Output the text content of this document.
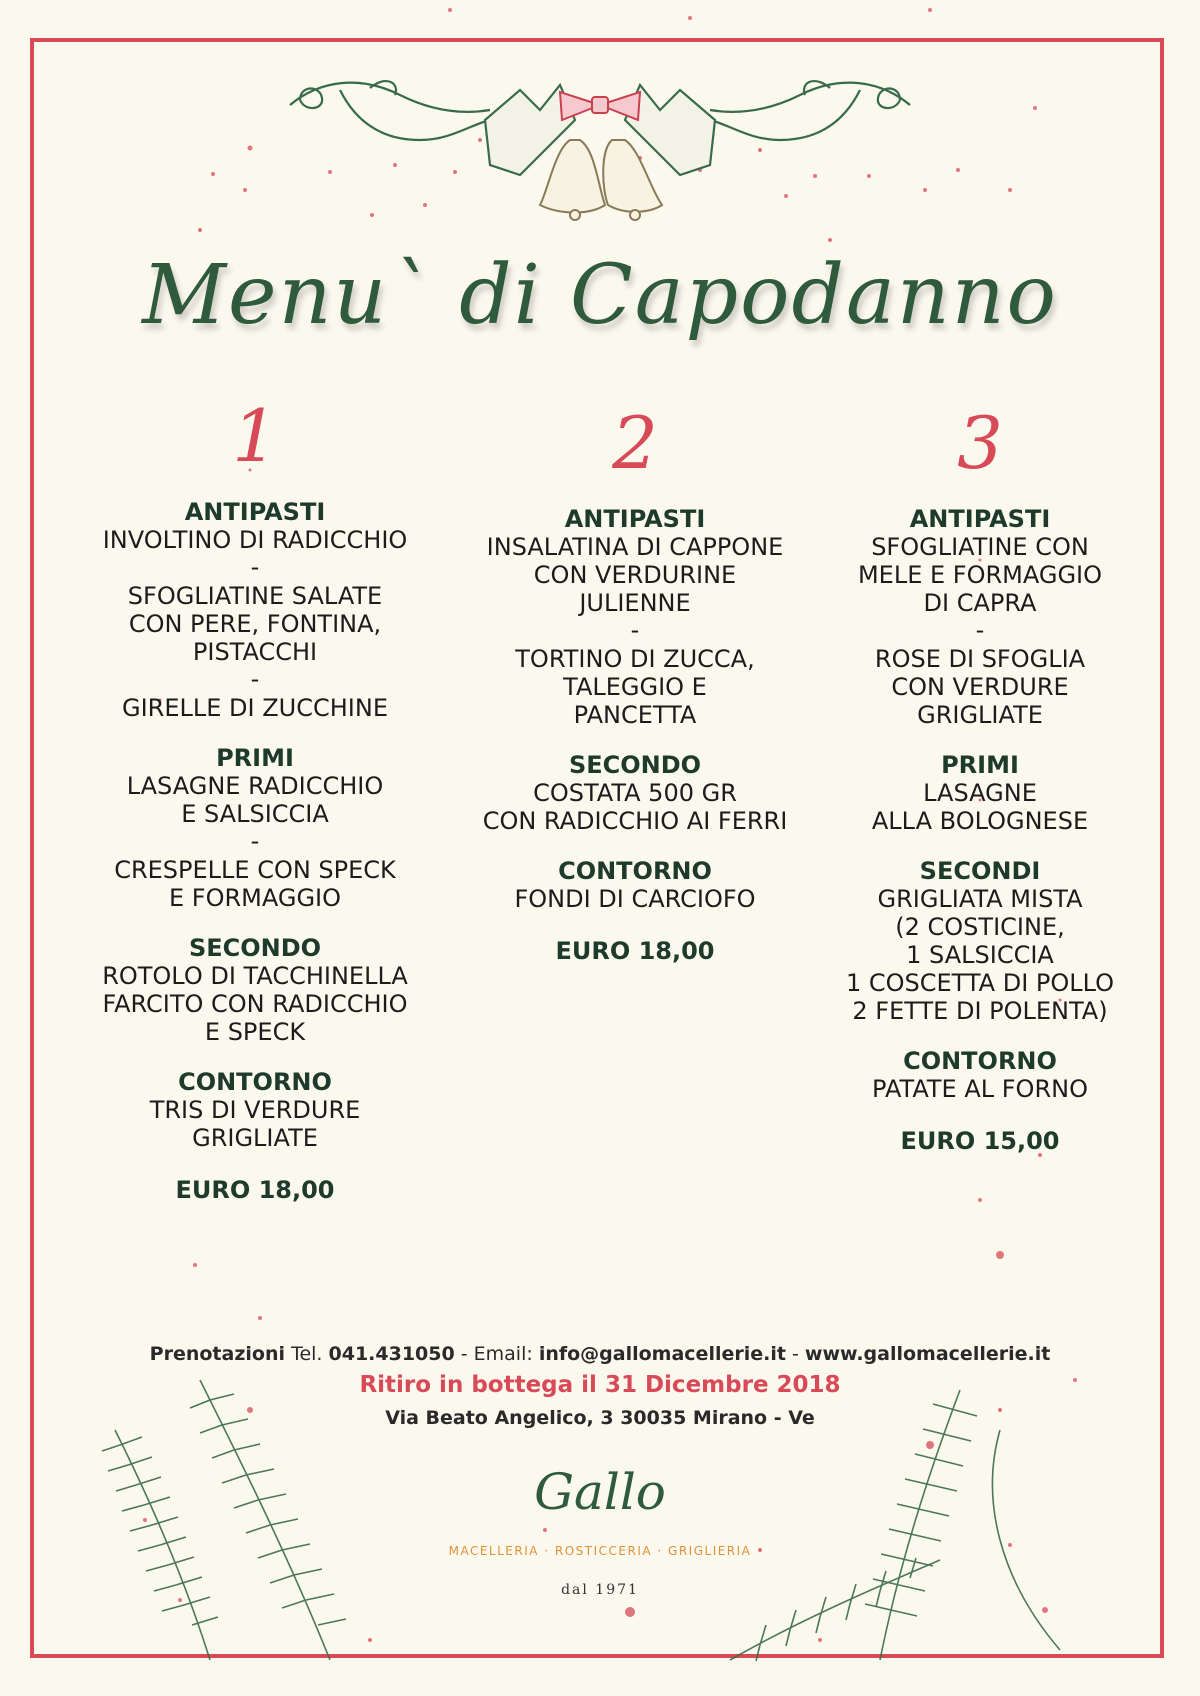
Menu` di Capodanno
1
ANTIPASTI
INVOLTINO DI RADICCHIO
-
SFOGLIATINE SALATE
CON PERE, FONTINA,
PISTACCHI
-
GIRELLE DI ZUCCHINE
PRIMI
LASAGNE RADICCHIO
E SALSICCIA
-
CRESPELLE CON SPECK
E FORMAGGIO
SECONDO
ROTOLO DI TACCHINELLA
FARCITO CON RADICCHIO
E SPECK
CONTORNO
TRIS DI VERDURE
GRIGLIATE
EURO 18,00
2
ANTIPASTI
INSALATINA DI CAPPONE
CON VERDURINE
JULIENNE
-
TORTINO DI ZUCCA,
TALEGGIO E
PANCETTA
SECONDO
COSTATA 500 GR
CON RADICCHIO AI FERRI
CONTORNO
FONDI DI CARCIOFO
EURO 18,00
3
ANTIPASTI
SFOGLIATINE CON
MELE E FORMAGGIO
DI CAPRA
-
ROSE DI SFOGLIA
CON VERDURE
GRIGLIATE
PRIMI
LASAGNE
ALLA BOLOGNESE
SECONDI
GRIGLIATA MISTA
(2 COSTICINE,
1 SALSICCIA
1 COSCETTA DI POLLO
2 FETTE DI POLENTA)
CONTORNO
PATATE AL FORNO
EURO 15,00
Prenotazioni Tel. 041.431050 - Email: info@gallomacellerie.it - www.gallomacellerie.it
Ritiro in bottega il 31 Dicembre 2018
Via Beato Angelico, 3 30035 Mirano - Ve
Gallo
MACELLERIA · ROSTICCERIA · GRIGLIERIA
dal 1971
